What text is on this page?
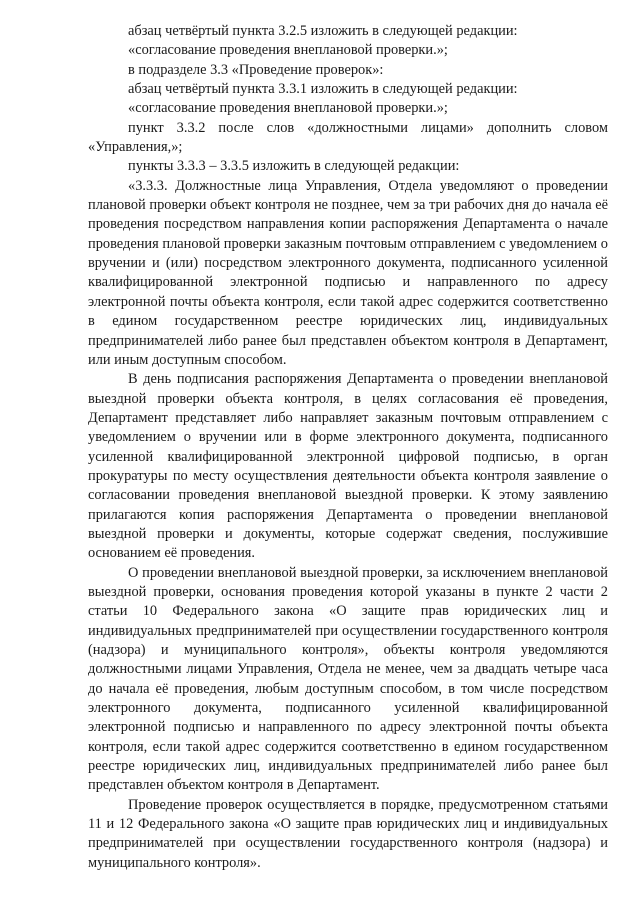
абзац четвёртый пункта 3.2.5 изложить в следующей редакции:

«согласование проведения внеплановой проверки.»;

в подразделе 3.3 «Проведение проверок»:

абзац четвёртый пункта 3.3.1 изложить в следующей редакции:

«согласование проведения внеплановой проверки.»;

пункт 3.3.2 после слов «должностными лицами» дополнить словом «Управления,»;

пункты 3.3.3 – 3.3.5 изложить в следующей редакции:

«3.3.3. Должностные лица Управления, Отдела уведомляют о проведении плановой проверки объект контроля не позднее, чем за три рабочих дня до начала её проведения посредством направления копии распоряжения Департамента о начале проведения плановой проверки заказным почтовым отправлением с уведомлением о вручении и (или) посредством электронного документа, подписанного усиленной квалифицированной электронной подписью и направленного по адресу электронной почты объекта контроля, если такой адрес содержится соответственно в едином государственном реестре юридических лиц, индивидуальных предпринимателей либо ранее был представлен объектом контроля в Департамент, или иным доступным способом.

В день подписания распоряжения Департамента о проведении внеплановой выездной проверки объекта контроля, в целях согласования её проведения, Департамент представляет либо направляет заказным почтовым отправлением с уведомлением о вручении или в форме электронного документа, подписанного усиленной квалифицированной электронной цифровой подписью, в орган прокуратуры по месту осуществления деятельности объекта контроля заявление о согласовании проведения внеплановой выездной проверки. К этому заявлению прилагаются копия распоряжения Департамента о проведении внеплановой выездной проверки и документы, которые содержат сведения, послужившие основанием её проведения.

О проведении внеплановой выездной проверки, за исключением внеплановой выездной проверки, основания проведения которой указаны в пункте 2 части 2 статьи 10 Федерального закона «О защите прав юридических лиц и индивидуальных предпринимателей при осуществлении государственного контроля (надзора) и муниципального контроля», объекты контроля уведомляются должностными лицами Управления, Отдела не менее, чем за двадцать четыре часа до начала её проведения, любым доступным способом, в том числе посредством электронного документа, подписанного усиленной квалифицированной электронной подписью и направленного по адресу электронной почты объекта контроля, если такой адрес содержится соответственно в едином государственном реестре юридических лиц, индивидуальных предпринимателей либо ранее был представлен объектом контроля в Департамент.

Проведение проверок осуществляется в порядке, предусмотренном статьями 11 и 12 Федерального закона «О защите прав юридических лиц и индивидуальных предпринимателей при осуществлении государственного контроля (надзора) и муниципального контроля».
